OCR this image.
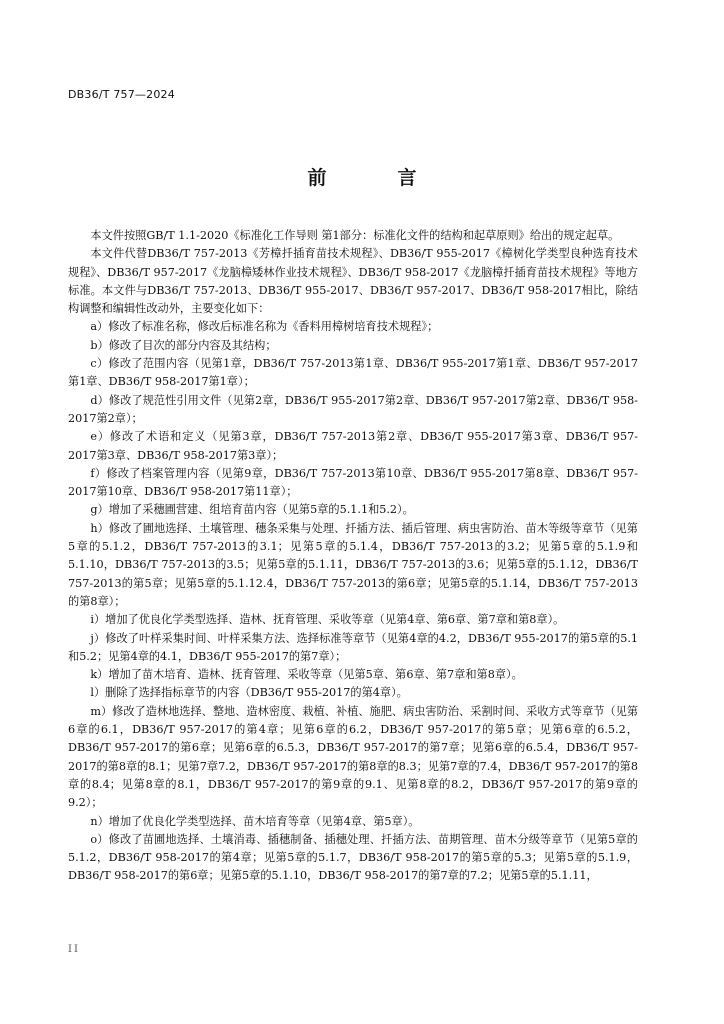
DB36/T 757—2024
前　言

本文件按照GB/T 1.1-2020《标准化工作导则 第1部分：标准化文件的结构和起草原则》给出的规定起草。

本文件代替DB36/T 757-2013《芳樟扦插育苗技术规程》、DB36/T 955-2017《樟树化学类型良种选育技术规程》、DB36/T 957-2017《龙脑樟矮林作业技术规程》、DB36/T 958-2017《龙脑樟扦插育苗技术规程》等地方标准。本文件与DB36/T 757-2013、DB36/T 955-2017、DB36/T 957-2017、DB36/T 958-2017相比，除结构调整和编辑性改动外，主要变化如下：

a）修改了标准名称，修改后标准名称为《香料用樟树培育技术规程》；

b）修改了目次的部分内容及其结构；

c）修改了范围内容（见第1章，DB36/T 757-2013第1章、DB36/T 955-2017第1章、DB36/T 957-2017第1章、DB36/T 958-2017第1章）；

d）修改了规范性引用文件（见第2章，DB36/T 955-2017第2章、DB36/T 957-2017第2章、DB36/T 958-2017第2章）；

e）修改了术语和定义（见第3章，DB36/T 757-2013第2章、DB36/T 955-2017第3章、DB36/T 957-2017第3章、DB36/T 958-2017第3章）；

f）修改了档案管理内容（见第9章，DB36/T 757-2013第10章、DB36/T 955-2017第8章、DB36/T 957-2017第10章、DB36/T 958-2017第11章）；

g）增加了采穗圃营建、组培育苗内容（见第5章的5.1.1和5.2）。

h）修改了圃地选择、土壤管理、穗条采集与处理、扦插方法、插后管理、病虫害防治、苗木等级等章节（见第5章的5.1.2，DB36/T 757-2013的3.1；见第5章的5.1.4，DB36/T 757-2013的3.2；见第5章的5.1.9和5.1.10，DB36/T 757-2013的3.5；见第5章的5.1.11，DB36/T 757-2013的3.6；见第5章的5.1.12，DB36/T 757-2013的第5章；见第5章的5.1.12.4，DB36/T 757-2013的第6章；见第5章的5.1.14，DB36/T 757-2013的第8章）；

i）增加了优良化学类型选择、造林、抚育管理、采收等章（见第4章、第6章、第7章和第8章）。

j）修改了叶样采集时间、叶样采集方法、选择标准等章节（见第4章的4.2，DB36/T 955-2017的第5章的5.1和5.2；见第4章的4.1，DB36/T 955-2017的第7章）；

k）增加了苗木培育、造林、抚育管理、采收等章（见第5章、第6章、第7章和第8章）。

l）删除了选择指标章节的内容（DB36/T 955-2017的第4章）。

m）修改了造林地选择、整地、造林密度、栽植、补植、施肥、病虫害防治、采割时间、采收方式等章节（见第6章的6.1，DB36/T 957-2017的第4章；见第6章的6.2，DB36/T 957-2017的第5章；见第6章的6.5.2，DB36/T 957-2017的第6章；见第6章的6.5.3，DB36/T 957-2017的第7章；见第6章的6.5.4，DB36/T 957-2017的第8章的8.1；见第7章7.2，DB36/T 957-2017的第8章的8.3；见第7章的7.4，DB36/T 957-2017的第8章的8.4；见第8章的8.1，DB36/T 957-2017的第9章的9.1、见第8章的8.2，DB36/T 957-2017的第9章的9.2）；

n）增加了优良化学类型选择、苗木培育等章（见第4章、第5章）。

o）修改了苗圃地选择、土壤消毒、插穗制备、插穗处理、扦插方法、苗期管理、苗木分级等章节（见第5章的5.1.2，DB36/T 958-2017的第4章；见第5章的5.1.7，DB36/T 958-2017的第5章的5.3；见第5章的5.1.9，DB36/T 958-2017的第6章；见第5章的5.1.10，DB36/T 958-2017的第7章的7.2；见第5章的5.1.11，

II
